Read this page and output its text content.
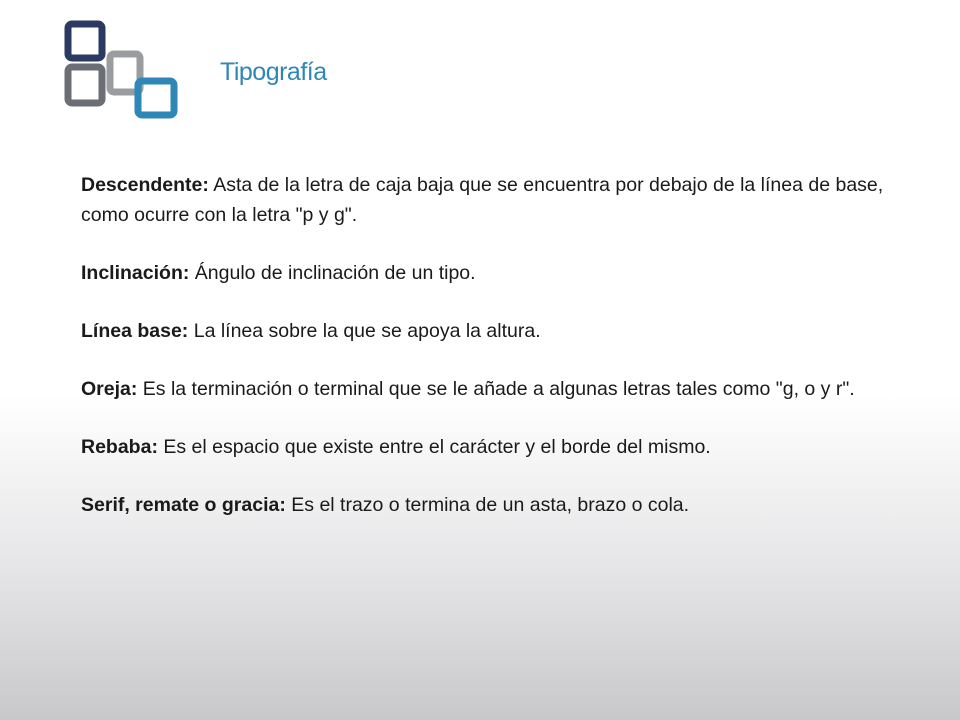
Tipografía

Descendente: Asta de la letra de caja baja que se encuentra por debajo de la línea de base, como ocurre con la letra "p y g".

Inclinación: Ángulo de inclinación de un tipo.

Línea base: La línea sobre la que se apoya la altura.

Oreja: Es la terminación o terminal que se le añade a algunas letras tales como "g, o y r".

Rebaba: Es el espacio que existe entre el carácter y el borde del mismo.

Serif, remate o gracia: Es el trazo o termina de un asta, brazo o cola.
